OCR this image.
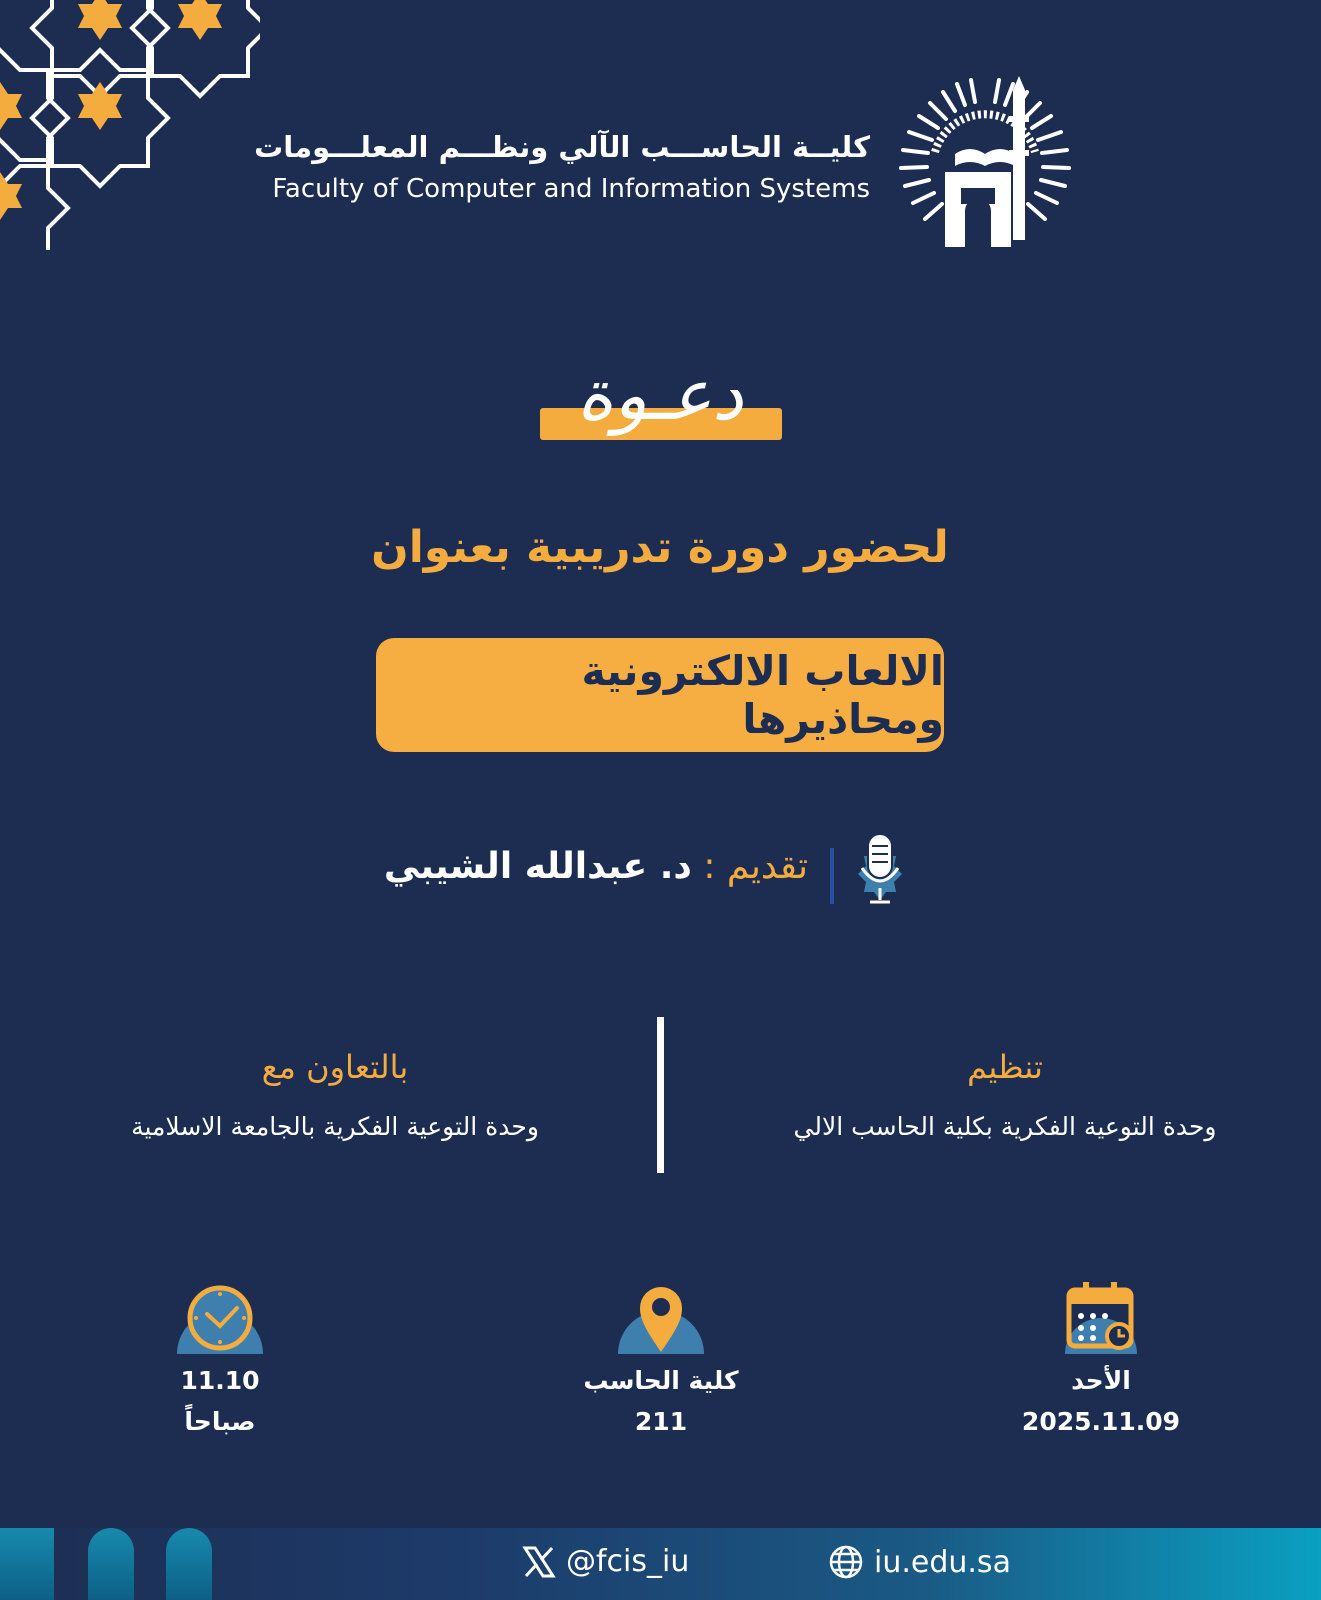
كليــة الحاســـب الآلي ونظـــم المعلـــومات
Faculty of Computer and Information Systems
دعـوة
لحضور دورة تدريبية بعنوان
الالعاب الالكترونية ومحاذيرها
تقديم : د. عبدالله الشيبي
تنظيم
وحدة التوعية الفكرية بكلية الحاسب الالي
بالتعاون مع
وحدة التوعية الفكرية بالجامعة الاسلامية
الأحد
2025.11.09
كلية الحاسب
211
11.10
صباحاً
@fcis_iu	iu.edu.sa
